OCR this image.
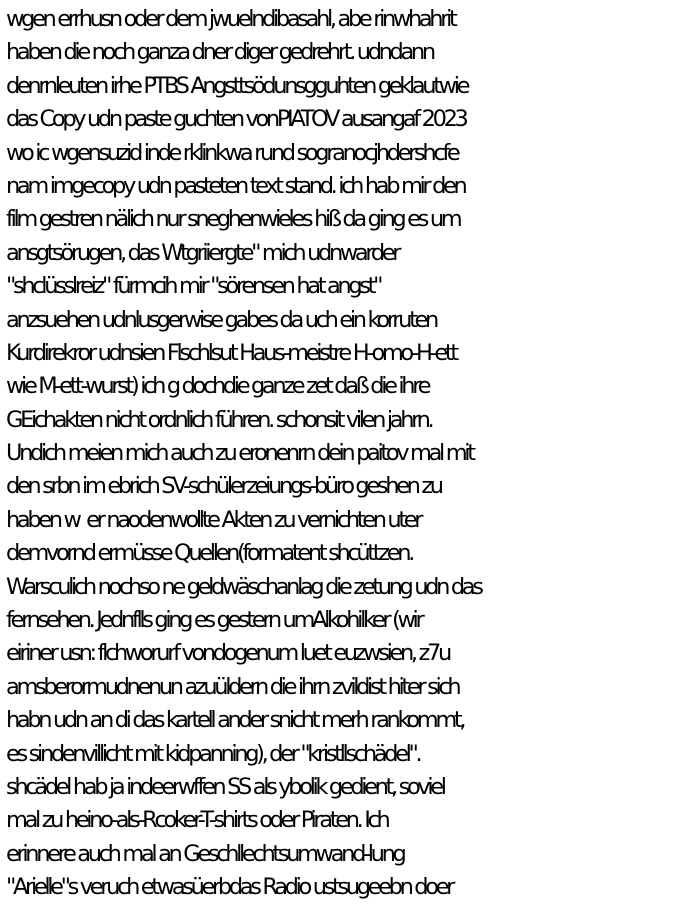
wgen errhusn oder dem jwuelndibasahl, abe rinwhahrit
haben die noch ganza dner diger gedrehrt. udndann
denrnleuten irhe PTBS Angsttsödunsgguhten geklautwie
das Copy udn paste guchten vonPIATOV ausangaf 2023
wo ic wgensuzid inde rklinkwa rund sogranocjhdershcfe
nam imgecopy udn pasteten text stand. ich hab mir den
film gestren nälich nur sneghenwieles hiß da ging es um
ansgtsörugen, das Wtgriiergte" mich udnwarder
"shclüsslreiz" fürmcih mir "sörensen hat angst"
anzsuehen udnlusgerwise gabes da uch ein korruten
Kurdirekror udnsien Flschlsut Haus-meistre H-omo-H-ett
wie M-ett-wurst) ich g dochdie ganze zet daß die ihre
GEichakten nicht ordnlich führen. schonsit vilen jahrn.
Undich meien mich auch zu eronenrn dein paitov mal mit
den srbn im ebrich SV-schülerzeiungs-büro geshen zu
haben w  er naodenwollte Akten zu vernichten uter
demvornd ermüsse Quellen(formatent shcüttzen.
Warsculich nochso ne geldwäschanlag die zetung udn das
fernsehen. Jednflls ging es gestern umAlkohilker (wir
eiriner usn: flchworurf vondogenum luet euzwsien, z7u
amsberormudnenun azuüldern die ihrn zvildist hiter sich
habn udn an di das kartell ander snicht merh rankommt,
es sindenvillicht mit kidpanning), der "kristllschädel".
shcädel hab ja indeerwffen SS als ybolik gedient, soviel
mal zu heino-als-Rcoker-T-shirts oder Piraten. Ich
erinnere auch mal an Geschllechtsumwand-lung
"Arielle"s veruch etwasüerbdas Radio ustsugeebn doer
